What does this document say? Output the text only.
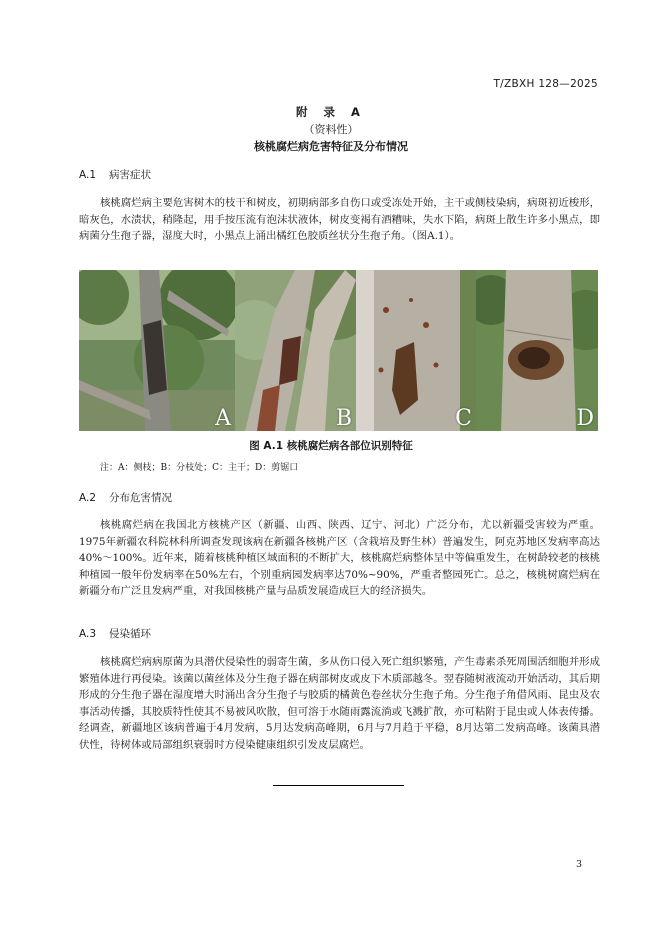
T/ZBXH 128—2025
附 录 A
（资料性）
核桃腐烂病危害特征及分布情况
A.1 病害症状

核桃腐烂病主要危害树木的枝干和树皮，初期病部多自伤口或受冻处开始，主干或侧枝染病，病斑初近梭形，暗灰色，水渍状，稍隆起，用手按压流有泡沫状液体，树皮变褐有酒糟味，失水下陷，病斑上散生许多小黑点，即病菌分生孢子器，湿度大时，小黑点上涌出橘红色胶质丝状分生孢子角。（图A.1）。

A	B	C	D
图 A.1 核桃腐烂病各部位识别特征
注：A：侧枝；B：分枝处；C：主干；D：剪锯口
A.2 分布危害情况

核桃腐烂病在我国北方核桃产区（新疆、山西、陕西、辽宁、河北）广泛分布，尤以新疆受害较为严重。1975年新疆农科院林科所调查发现该病在新疆各核桃产区（含栽培及野生林）普遍发生，阿克苏地区发病率高达40%～100%。近年来，随着核桃种植区域面积的不断扩大，核桃腐烂病整体呈中等偏重发生，在树龄较老的核桃种植园一般年份发病率在50%左右，个别重病园发病率达70%~90%，严重者整园死亡。总之，核桃树腐烂病在新疆分布广泛且发病严重，对我国核桃产量与品质发展造成巨大的经济损失。

A.3 侵染循环

核桃腐烂病病原菌为具潜伏侵染性的弱寄生菌，多从伤口侵入死亡组织繁殖，产生毒素杀死周围活细胞并形成繁殖体进行再侵染。该菌以菌丝体及分生孢子器在病部树皮或皮下木质部越冬。翌春随树液流动开始活动，其后期形成的分生孢子器在湿度增大时涌出含分生孢子与胶质的橘黄色卷丝状分生孢子角。分生孢子角借风雨、昆虫及农事活动传播，其胶质特性使其不易被风吹散，但可溶于水随雨露流淌或飞溅扩散，亦可粘附于昆虫或人体表传播。经调查，新疆地区该病普遍于4月发病，5月达发病高峰期，6月与7月趋于平稳，8月达第二发病高峰。该菌具潜伏性，待树体或局部组织衰弱时方侵染健康组织引发皮层腐烂。

3
